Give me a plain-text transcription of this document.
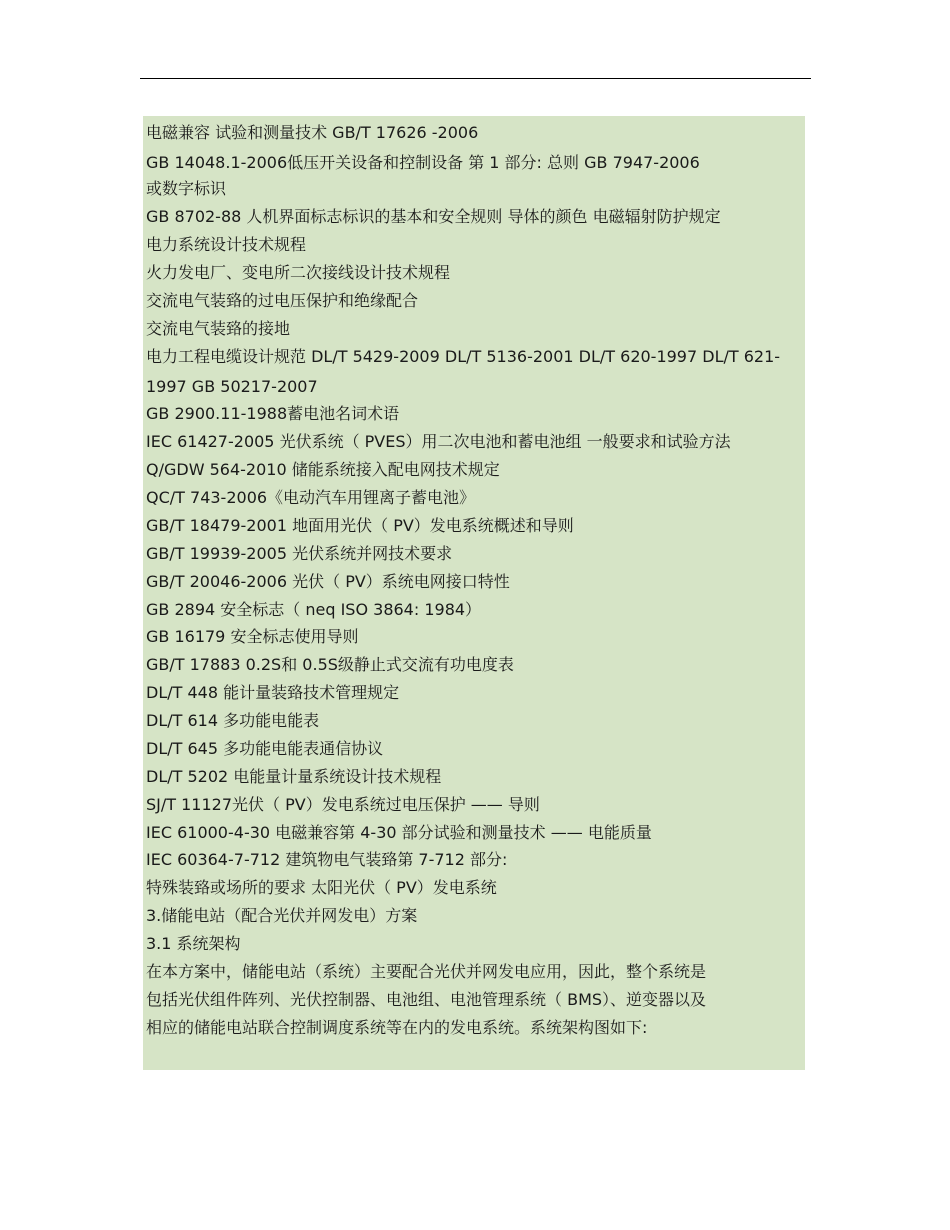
电磁兼容 试验和测量技术 GB/T 17626 -2006
GB 14048.1-2006低压开关设备和控制设备 第 1 部分: 总则 GB 7947-2006
或数字标识
GB 8702-88 人机界面标志标识的基本和安全规则 导体的颜色 电磁辐射防护规定
电力系统设计技术规程
火力发电厂、变电所二次接线设计技术规程
交流电气装臵的过电压保护和绝缘配合
交流电气装臵的接地
电力工程电缆设计规范 DL/T 5429-2009 DL/T 5136-2001 DL/T 620-1997 DL/T 621-
1997 GB 50217-2007
GB 2900.11-1988蓄电池名词术语
IEC 61427-2005 光伏系统（ PVES）用二次电池和蓄电池组 一般要求和试验方法
Q/GDW 564-2010 储能系统接入配电网技术规定
QC/T 743-2006《电动汽车用锂离子蓄电池》
GB/T 18479-2001 地面用光伏（ PV）发电系统概述和导则
GB/T 19939-2005 光伏系统并网技术要求
GB/T 20046-2006 光伏（ PV）系统电网接口特性
GB 2894 安全标志（ neq ISO 3864: 1984）
GB 16179 安全标志使用导则
GB/T 17883 0.2S和 0.5S级静止式交流有功电度表
DL/T 448 能计量装臵技术管理规定
DL/T 614 多功能电能表
DL/T 645 多功能电能表通信协议
DL/T 5202 电能量计量系统设计技术规程
SJ/T 11127光伏（ PV）发电系统过电压保护 —— 导则
IEC 61000-4-30 电磁兼容第 4-30 部分试验和测量技术 —— 电能质量
IEC 60364-7-712 建筑物电气装臵第 7-712 部分:
特殊装臵或场所的要求 太阳光伏（ PV）发电系统
3.储能电站（配合光伏并网发电）方案
3.1 系统架构
在本方案中，储能电站（系统）主要配合光伏并网发电应用，因此，整个系统是
包括光伏组件阵列、光伏控制器、电池组、电池管理系统（ BMS）、逆变器以及
相应的储能电站联合控制调度系统等在内的发电系统。系统架构图如下:
